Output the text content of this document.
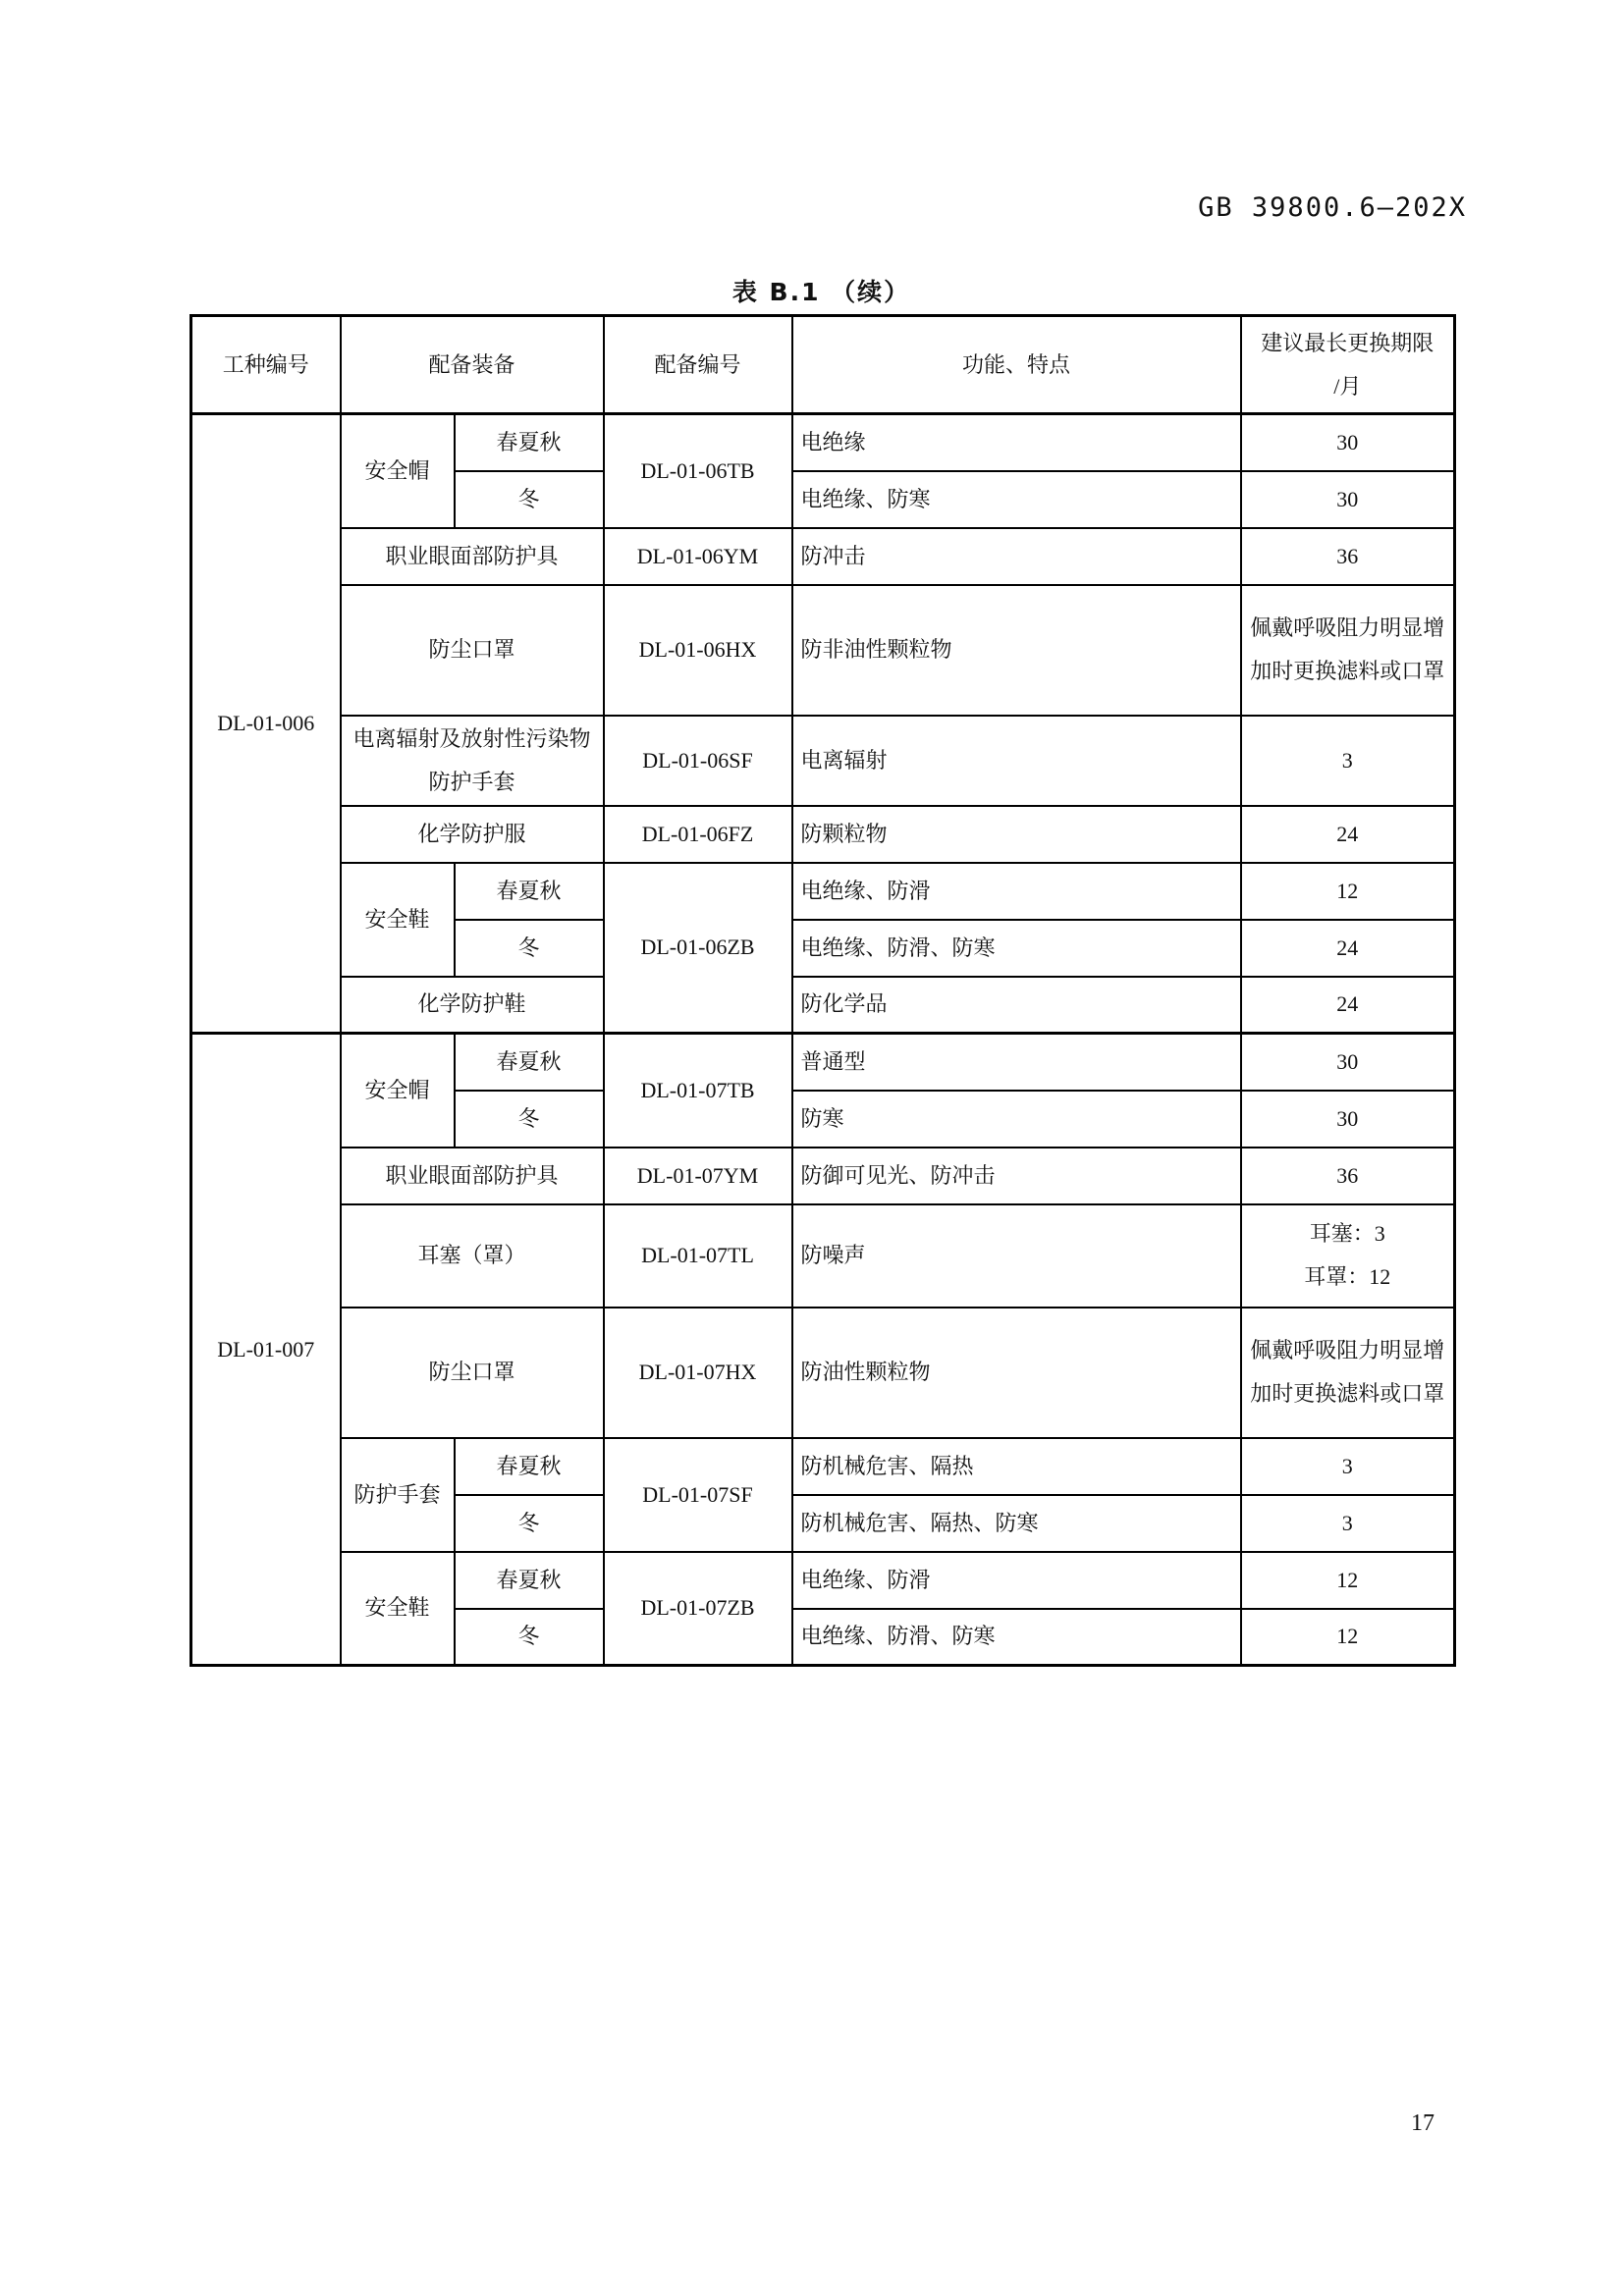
GB 39800.6—202X
表 B.1 （续）
工种编号	配备装备		配备编号	功能、特点	建议最长更换期限
/月

DL-01-006	安全帽	春夏秋	DL-01-06TB	电绝缘	30
		冬		电绝缘、防寒	30
	职业眼面部防护具		DL-01-06YM	防冲击	36
	防尘口罩		DL-01-06HX	防非油性颗粒物	佩戴呼吸阻力明显增加时更换滤料或口罩
	电离辐射及放射性污染物防护手套		DL-01-06SF	电离辐射	3
	化学防护服		DL-01-06FZ	防颗粒物	24
	安全鞋	春夏秋	DL-01-06ZB	电绝缘、防滑	12
		冬		电绝缘、防滑、防寒	24
	化学防护鞋			防化学品	24
DL-01-007	安全帽	春夏秋	DL-01-07TB	普通型	30
		冬		防寒	30
	职业眼面部防护具		DL-01-07YM	防御可见光、防冲击	36
	耳塞（罩）		DL-01-07TL	防噪声	耳塞：3
耳罩：12

	防尘口罩		DL-01-07HX	防油性颗粒物	佩戴呼吸阻力明显增加时更换滤料或口罩
	防护手套	春夏秋	DL-01-07SF	防机械危害、隔热	3
		冬		防机械危害、隔热、防寒	3
	安全鞋	春夏秋	DL-01-07ZB	电绝缘、防滑	12
		冬		电绝缘、防滑、防寒	12
17
